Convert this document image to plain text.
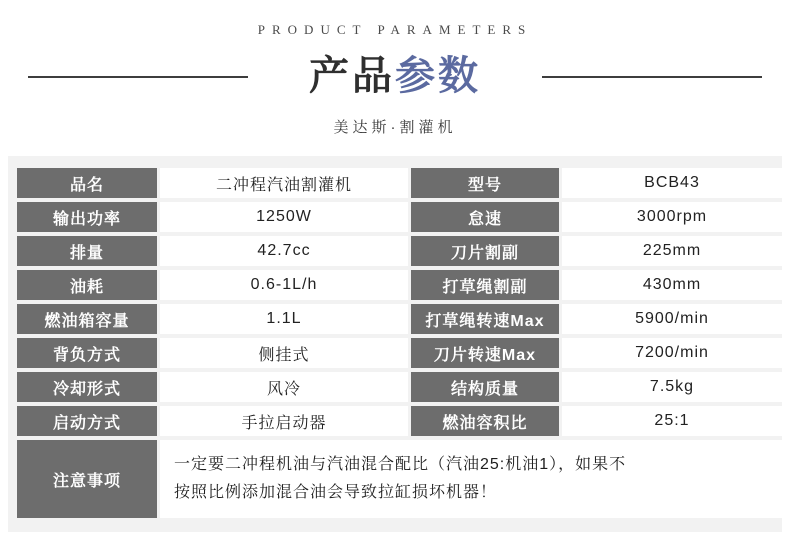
PRODUCT PARAMETERS
产品参数
美达斯·割灌机
品名	二冲程汽油割灌机	型号	BCB43
输出功率	1250W	怠速	3000rpm
排量	42.7cc	刀片割副	225mm
油耗	0.6-1L/h	打草绳割副	430mm
燃油箱容量	1.1L	打草绳转速Max	5900/min
背负方式	侧挂式	刀片转速Max	7200/min
冷却形式	风冷	结构质量	7.5kg
启动方式	手拉启动器	燃油容积比	25:1
注意事项	一定要二冲程机油与汽油混合配比（汽油25:机油1），如果不
按照比例添加混合油会导致拉缸损坏机器！		
